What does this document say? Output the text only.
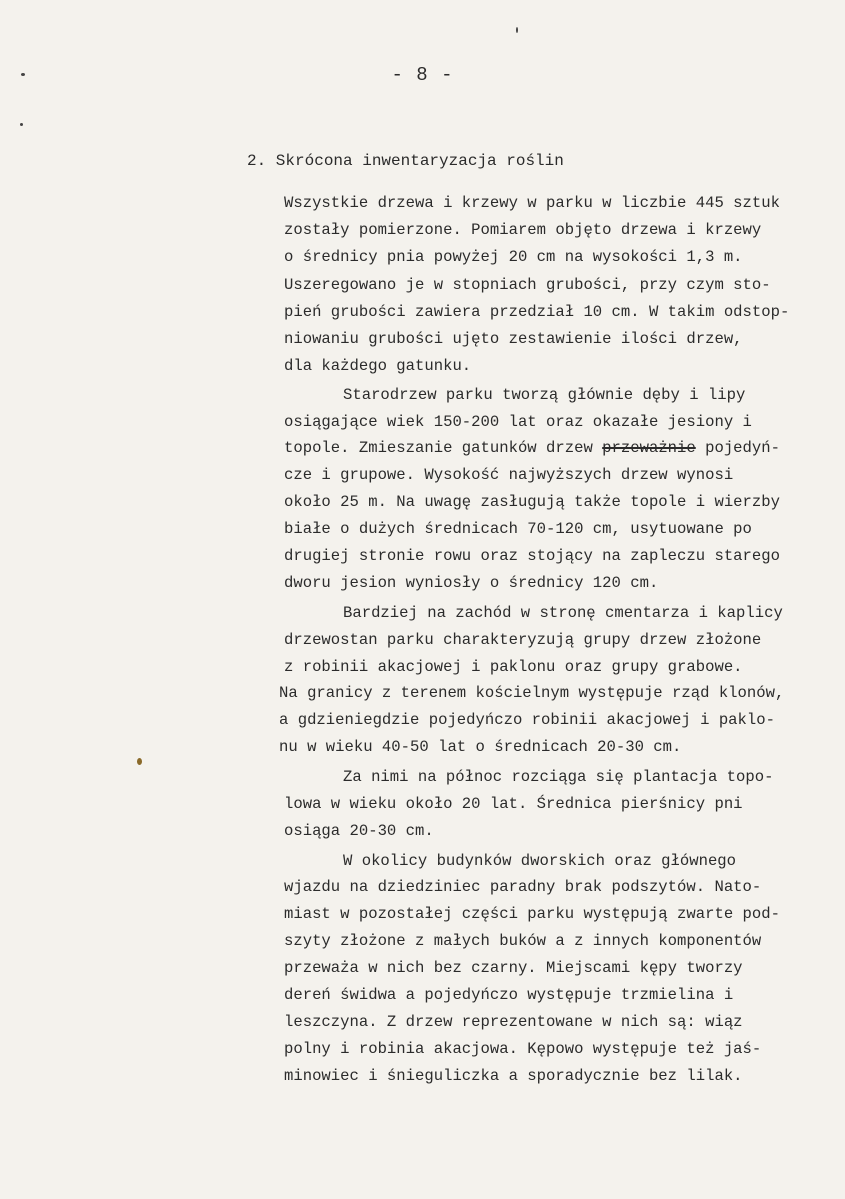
- 8 -
2. Skrócona inwentaryzacja roślin
Wszystkie drzewa i krzewy w parku w liczbie 445 sztuk
zostały pomierzone. Pomiarem objęto drzewa i krzewy
o średnicy pnia powyżej 20 cm na wysokości 1,3 m.
Uszeregowano je w stopniach grubości, przy czym sto-
pień grubości zawiera przedział 10 cm. W takim odstop-
niowaniu grubości ujęto zestawienie ilości drzew,
dla każdego gatunku.
Starodrzew parku tworzą głównie dęby i lipy
osiągające wiek 150-200 lat oraz okazałe jesiony i
topole. Zmieszanie gatunków drzew przeważnie pojedyń-
cze i grupowe. Wysokość najwyższych drzew wynosi
około 25 m. Na uwagę zasługują także topole i wierzby
białe o dużych średnicach 70-120 cm, usytuowane po
drugiej stronie rowu oraz stojący na zapleczu starego
dworu jesion wyniosły o średnicy 120 cm.
Bardziej na zachód w stronę cmentarza i kaplicy
drzewostan parku charakteryzują grupy drzew złożone
z robinii akacjowej i paklonu oraz grupy grabowe.
Na granicy z terenem kościelnym występuje rząd klonów,
a gdzieniegdzie pojedyńczo robinii akacjowej i paklo-
nu w wieku 40-50 lat o średnicach 20-30 cm.
Za nimi na północ rozciąga się plantacja topo-
lowa w wieku około 20 lat. Średnica pierśnicy pni
osiąga 20-30 cm.
W okolicy budynków dworskich oraz głównego
wjazdu na dziedziniec paradny brak podszytów. Nato-
miast w pozostałej części parku występują zwarte pod-
szyty złożone z małych buków a z innych komponentów
przeważa w nich bez czarny. Miejscami kępy tworzy
dereń świdwa a pojedyńczo występuje trzmielina i
leszczyna. Z drzew reprezentowane w nich są: wiąz
polny i robinia akacjowa. Kępowo występuje też jaś-
minowiec i śnieguliczka a sporadycznie bez lilak.
